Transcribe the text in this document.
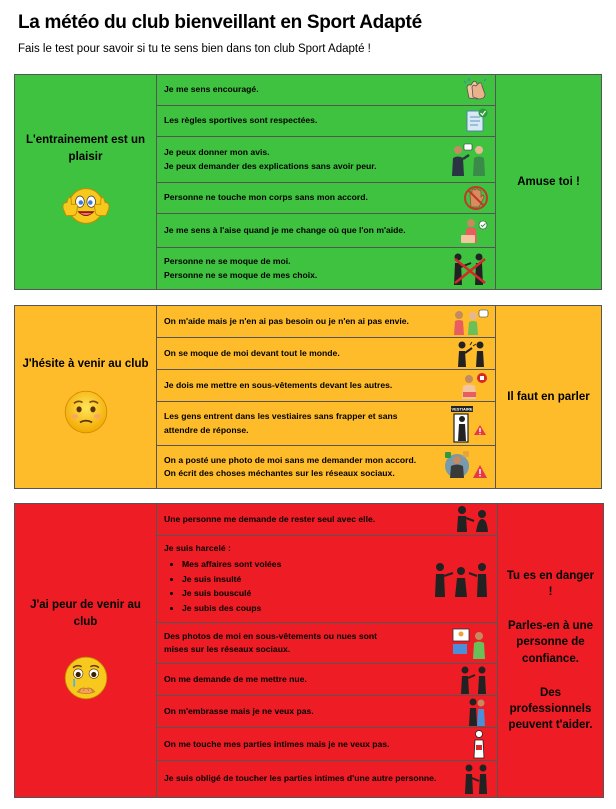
La météo du club bienveillant en Sport Adapté
Fais le test pour savoir si tu te sens bien dans ton club Sport Adapté !
L'entrainement est un plaisir
Je me sens encouragé.
Les règles sportives sont respectées.
Je peux donner mon avis.
Je peux demander des explications sans avoir peur.
Personne ne touche mon corps sans mon accord.
Je me sens à l'aise quand je me change où que l'on m'aide.
Personne ne se moque de moi.
Personne ne se moque de mes choix.
Amuse toi !
J'hésite à venir au club
On m'aide mais je n'en ai pas besoin ou je n'en ai pas envie.
On se moque de moi devant tout le monde.
Je dois me mettre en sous-vêtements devant les autres.
Les gens entrent dans les vestiaires sans frapper et sans
attendre de réponse.
VESTIAIRE
On a posté une photo de moi sans me demander mon accord.
On écrit des choses méchantes sur les réseaux sociaux.
Il faut en parler
J'ai peur de venir au club
Une personne me demande de rester seul avec elle.
Je suis harcelé :
• Mes affaires sont volées
• Je suis insulté
• Je suis bousculé
• Je subis des coups
Des photos de moi en sous-vêtements ou nues sont
mises sur les réseaux sociaux.
On me demande de me mettre nue.
On m'embrasse mais je ne veux pas.
On me touche mes parties intimes mais je ne veux pas.
Je suis obligé de toucher les parties intimes d'une autre personne.
Tu es en danger !
Parles-en à une personne de confiance.
Des professionnels peuvent t'aider.
